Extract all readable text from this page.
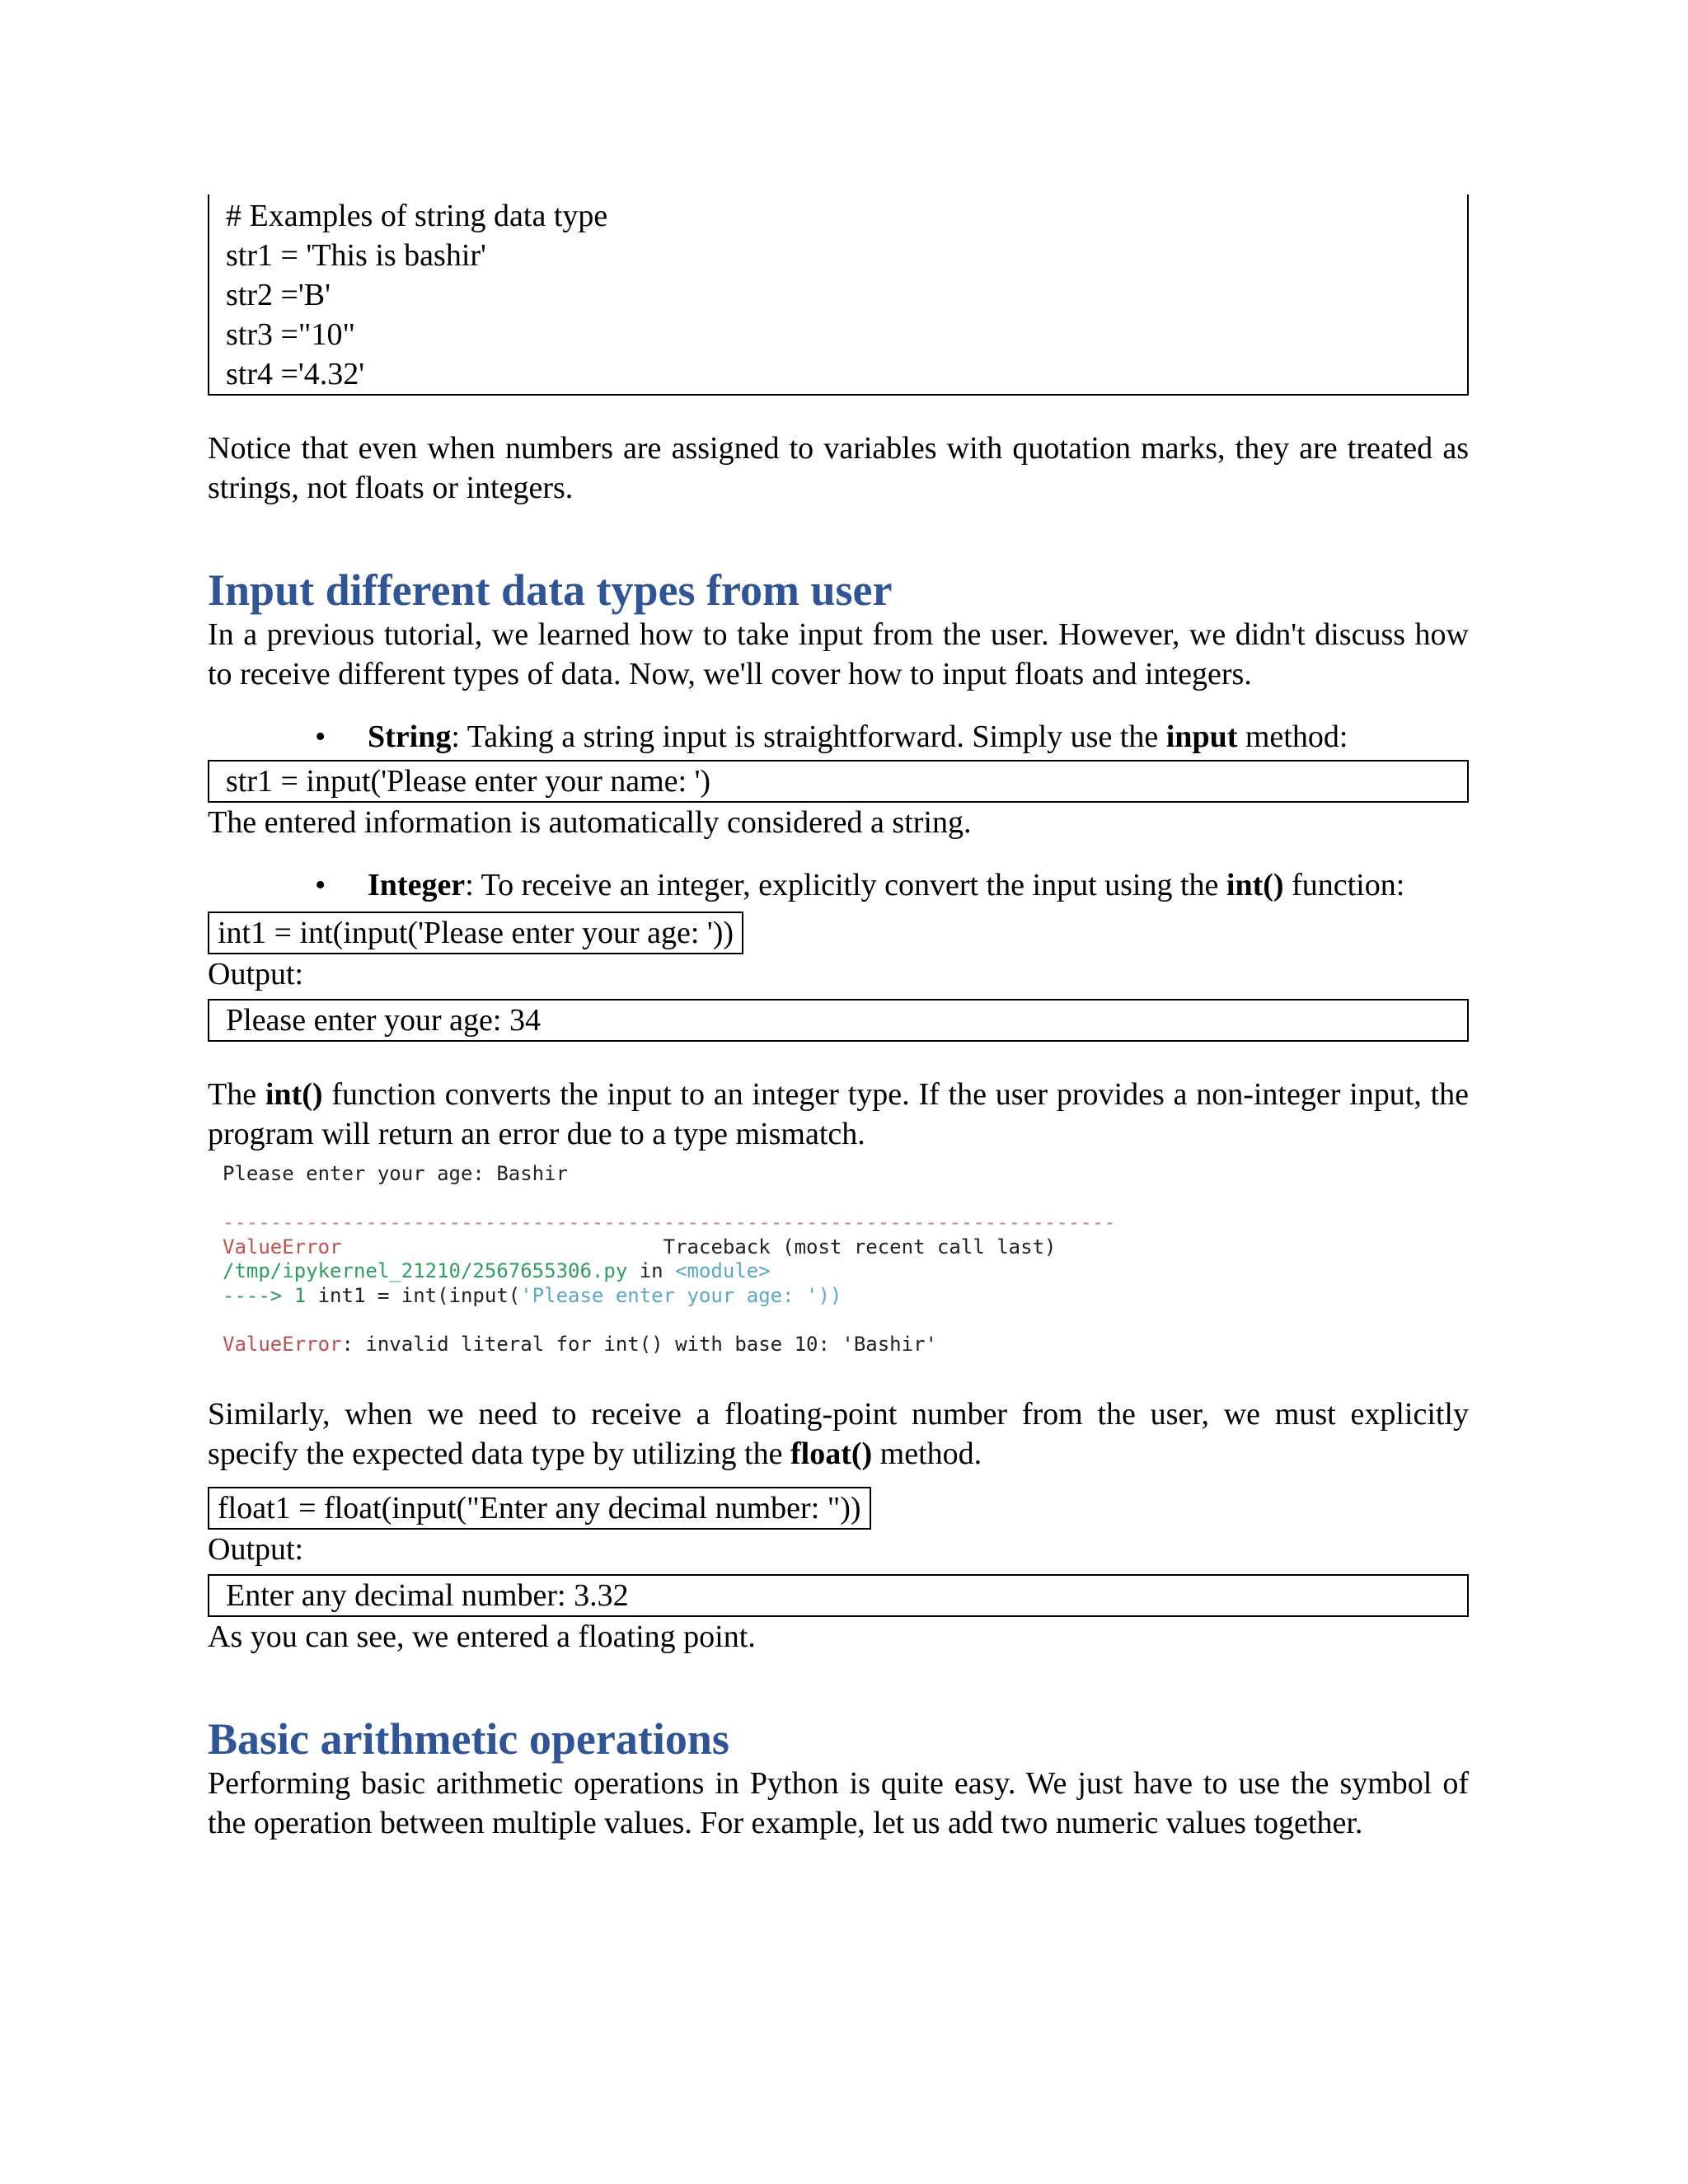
# Examples of string data type
str1 = 'This is bashir'
str2 ='B'
str3 ="10"
str4 ='4.32'

Notice that even when numbers are assigned to variables with quotation marks, they are treated as strings, not floats or integers.

Input different data types from user

In a previous tutorial, we learned how to take input from the user. However, we didn't discuss how to receive different types of data. Now, we'll cover how to input floats and integers.

• String: Taking a string input is straightforward. Simply use the input method:
str1 = input('Please enter your name: ')

The entered information is automatically considered a string.

• Integer: To receive an integer, explicitly convert the input using the int() function:
int1 = int(input('Please enter your age: '))

Output:

Please enter your age: 34

The int() function converts the input to an integer type. If the user provides a non-integer input, the program will return an error due to a type mismatch.

Please enter your age: Bashir

---------------------------------------------------------------------------
ValueError	Traceback (most recent call last)
/tmp/ipykernel_21210/2567655306.py in <module>
----> 1 int1 = int(input('Please enter your age: '))

ValueError: invalid literal for int() with base 10: 'Bashir'

Similarly, when we need to receive a floating-point number from the user, we must explicitly specify the expected data type by utilizing the float() method.

float1 = float(input("Enter any decimal number: "))

Output:

Enter any decimal number: 3.32

As you can see, we entered a floating point.

Basic arithmetic operations

Performing basic arithmetic operations in Python is quite easy. We just have to use the symbol of the operation between multiple values. For example, let us add two numeric values together.
